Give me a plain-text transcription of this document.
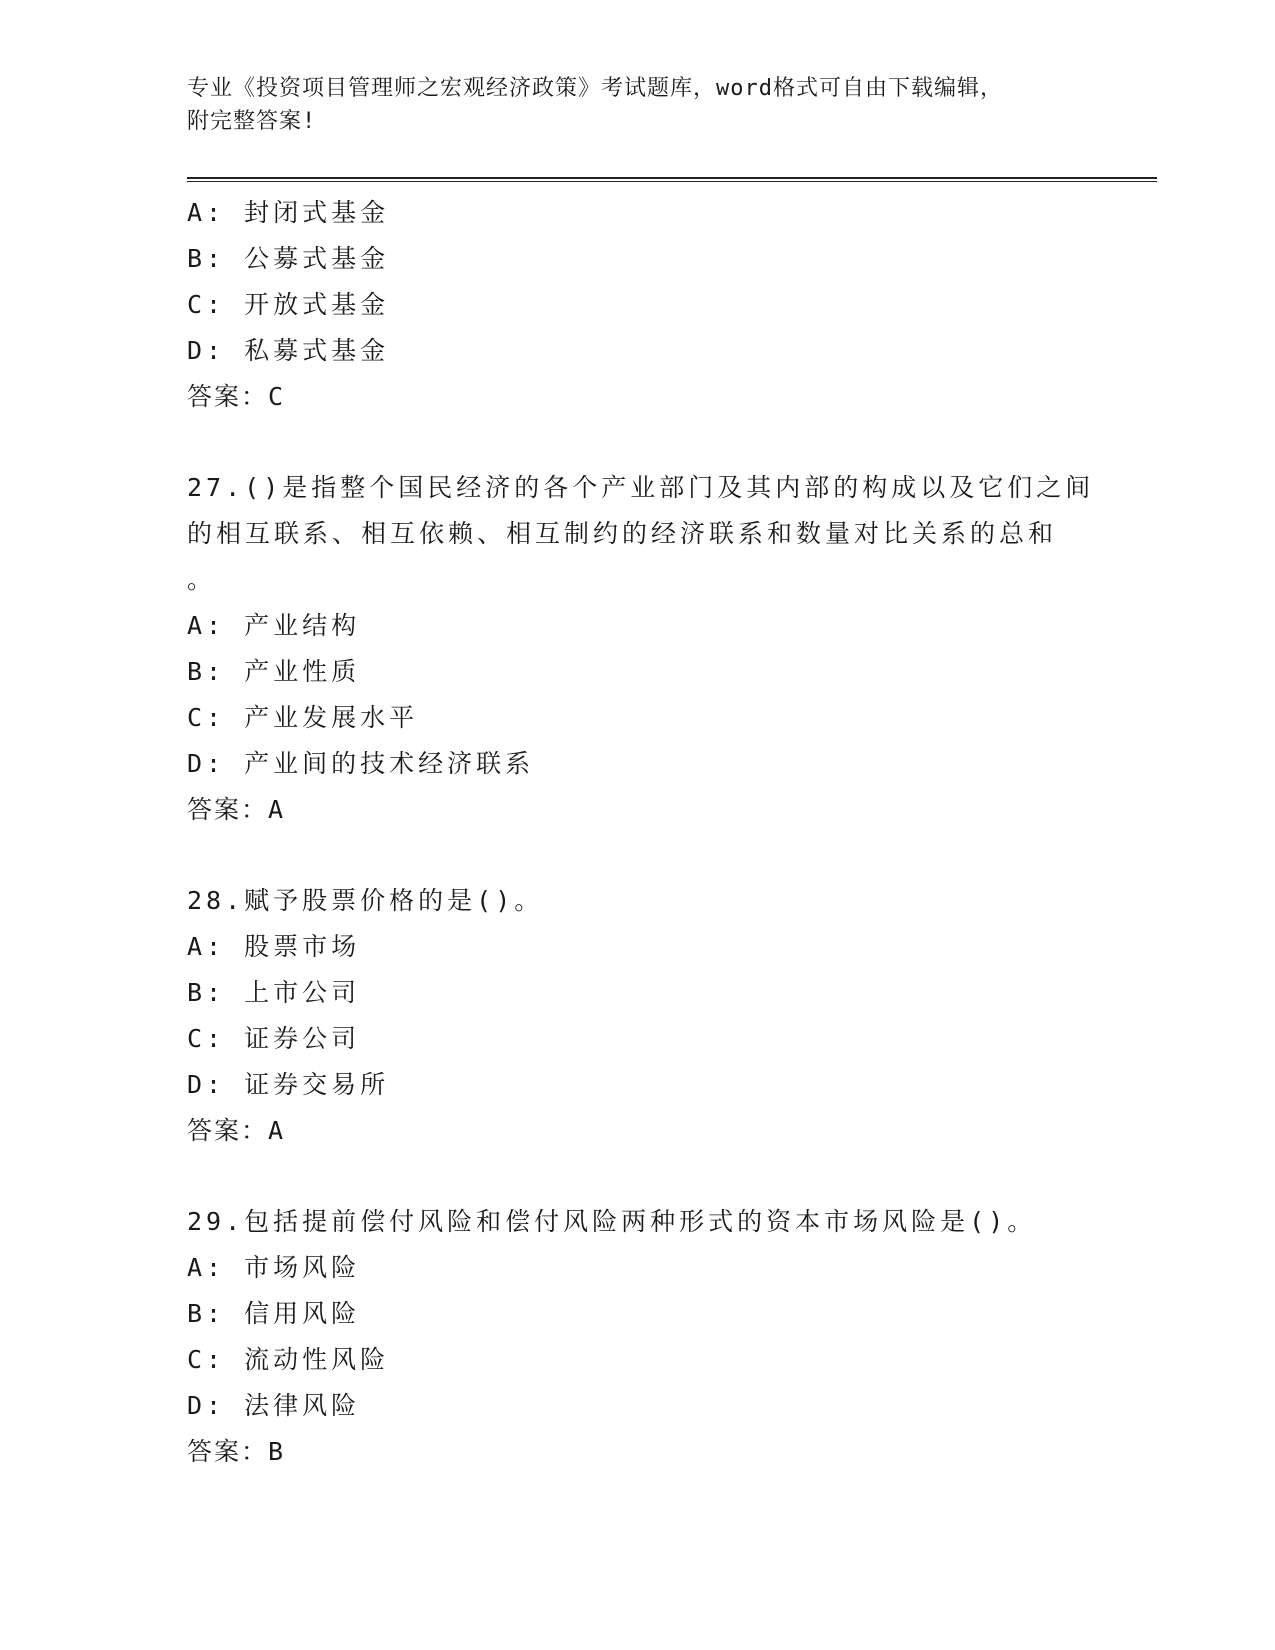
专业《投资项目管理师之宏观经济政策》考试题库，word格式可自由下载编辑，
附完整答案!
A: 封闭式基金
B: 公募式基金
C: 开放式基金
D: 私募式基金
答案：C
27.()是指整个国民经济的各个产业部门及其内部的构成以及它们之间
的相互联系、相互依赖、相互制约的经济联系和数量对比关系的总和
。
A: 产业结构
B: 产业性质
C: 产业发展水平
D: 产业间的技术经济联系
答案：A
28.赋予股票价格的是()。
A: 股票市场
B: 上市公司
C: 证券公司
D: 证券交易所
答案：A
29.包括提前偿付风险和偿付风险两种形式的资本市场风险是()。
A: 市场风险
B: 信用风险
C: 流动性风险
D: 法律风险
答案：B
